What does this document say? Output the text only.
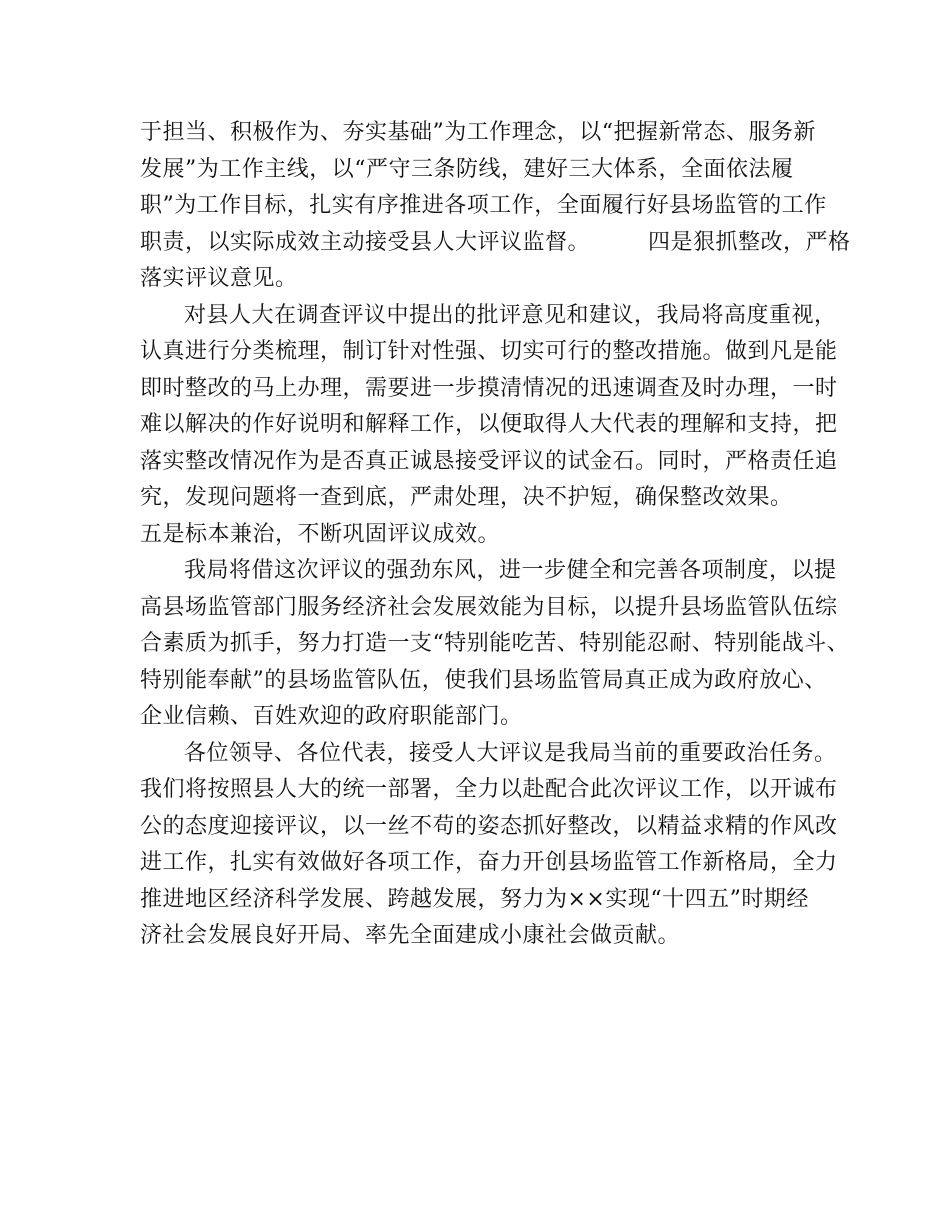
于担当、积极作为、夯实基础”为工作理念，以“把握新常态、服务新
发展”为工作主线，以“严守三条防线，建好三大体系，全面依法履
职”为工作目标，扎实有序推进各项工作，全面履行好县场监管的工作
职责，以实际成效主动接受县人大评议监督。	四是狠抓整改，严格
落实评议意见。
对县人大在调查评议中提出的批评意见和建议，我局将高度重视，
认真进行分类梳理，制订针对性强、切实可行的整改措施。做到凡是能
即时整改的马上办理，需要进一步摸清情况的迅速调查及时办理，一时
难以解决的作好说明和解释工作，以便取得人大代表的理解和支持，把
落实整改情况作为是否真正诚恳接受评议的试金石。同时，严格责任追
究，发现问题将一查到底，严肃处理，决不护短，确保整改效果。
五是标本兼治，不断巩固评议成效。
我局将借这次评议的强劲东风，进一步健全和完善各项制度，以提
高县场监管部门服务经济社会发展效能为目标，以提升县场监管队伍综
合素质为抓手，努力打造一支“特别能吃苦、特别能忍耐、特别能战斗、
特别能奉献”的县场监管队伍，使我们县场监管局真正成为政府放心、
企业信赖、百姓欢迎的政府职能部门。
各位领导、各位代表，接受人大评议是我局当前的重要政治任务。
我们将按照县人大的统一部署，全力以赴配合此次评议工作，以开诚布
公的态度迎接评议，以一丝不苟的姿态抓好整改，以精益求精的作风改
进工作，扎实有效做好各项工作，奋力开创县场监管工作新格局，全力
推进地区经济科学发展、跨越发展，努力为××实现“十四五”时期经
济社会发展良好开局、率先全面建成小康社会做贡献。
